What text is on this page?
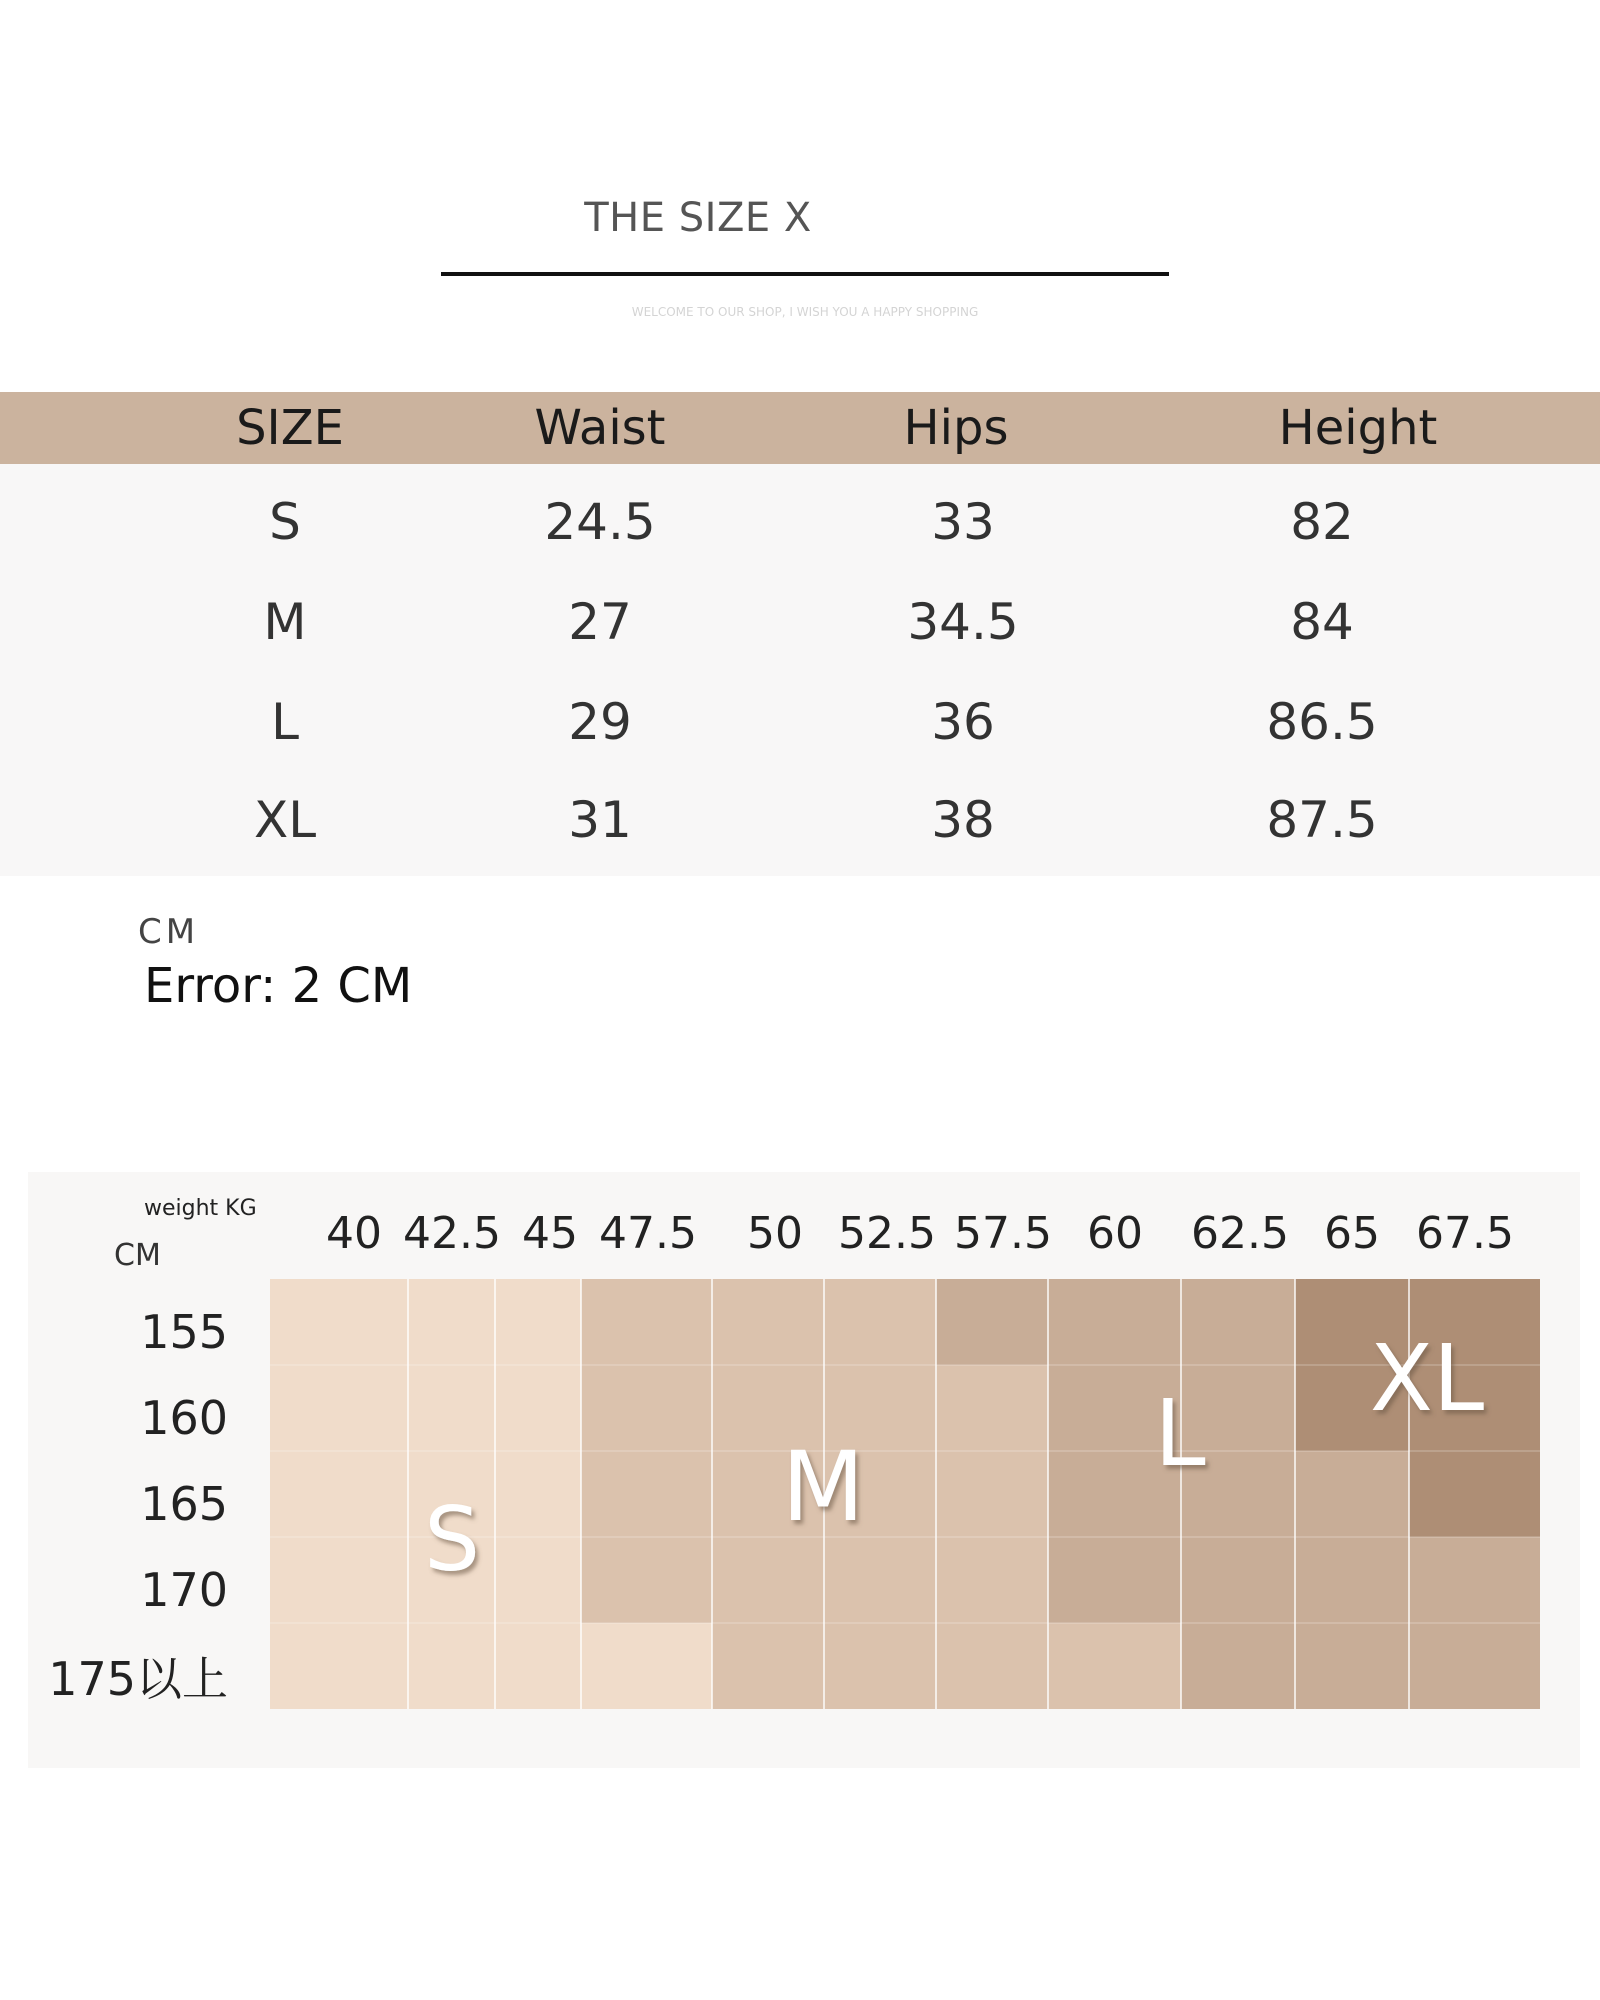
THE SIZE X
WELCOME TO OUR SHOP, I WISH YOU A HAPPY SHOPPING
SIZE	Waist	Hips	Height
S	24.5	33	82
M	27	34.5	84
L	29	36	86.5
XL	31	38	87.5
CM
Error: 2 CM
weight KG
CM	40 42.5 45 47.5 50 52.5 57.5 60 62.5 65 67.5
155
160
165
170
175以上
S	M	L
XL
